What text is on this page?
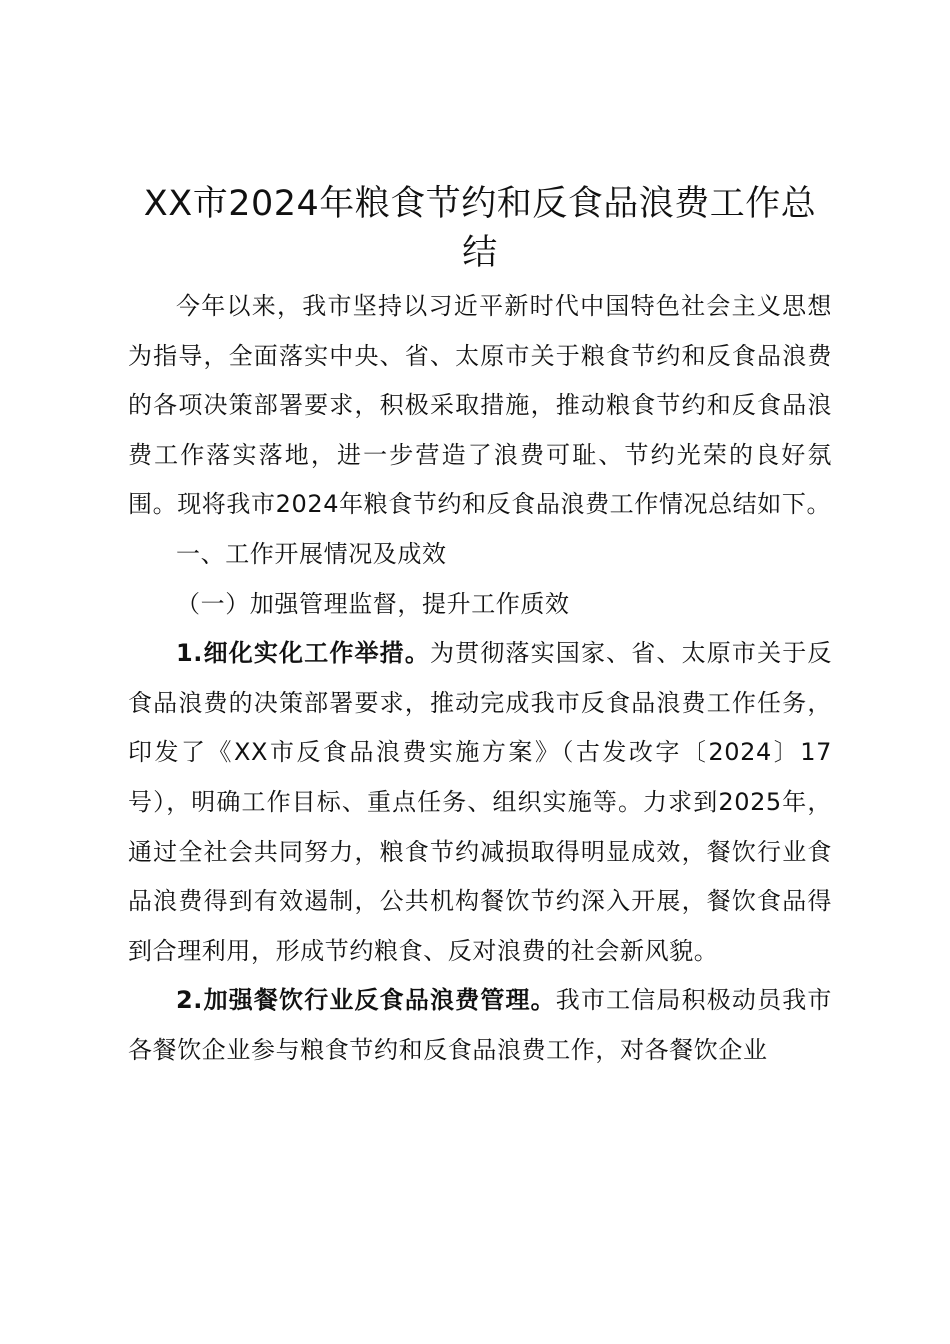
XX市2024年粮食节约和反食品浪费工作总结

今年以来，我市坚持以习近平新时代中国特色社会主义思想为指导，全面落实中央、省、太原市关于粮食节约和反食品浪费的各项决策部署要求，积极采取措施，推动粮食节约和反食品浪费工作落实落地，进一步营造了浪费可耻、节约光荣的良好氛围。现将我市2024年粮食节约和反食品浪费工作情况总结如下。

一、工作开展情况及成效

（一）加强管理监督，提升工作质效

1.细化实化工作举措。为贯彻落实国家、省、太原市关于反食品浪费的决策部署要求，推动完成我市反食品浪费工作任务，印发了《XX市反食品浪费实施方案》（古发改字〔2024〕17号），明确工作目标、重点任务、组织实施等。力求到2025年，通过全社会共同努力，粮食节约减损取得明显成效，餐饮行业食品浪费得到有效遏制，公共机构餐饮节约深入开展，餐饮食品得到合理利用，形成节约粮食、反对浪费的社会新风貌。

2.加强餐饮行业反食品浪费管理。我市工信局积极动员我市各餐饮企业参与粮食节约和反食品浪费工作，对各餐饮企业
